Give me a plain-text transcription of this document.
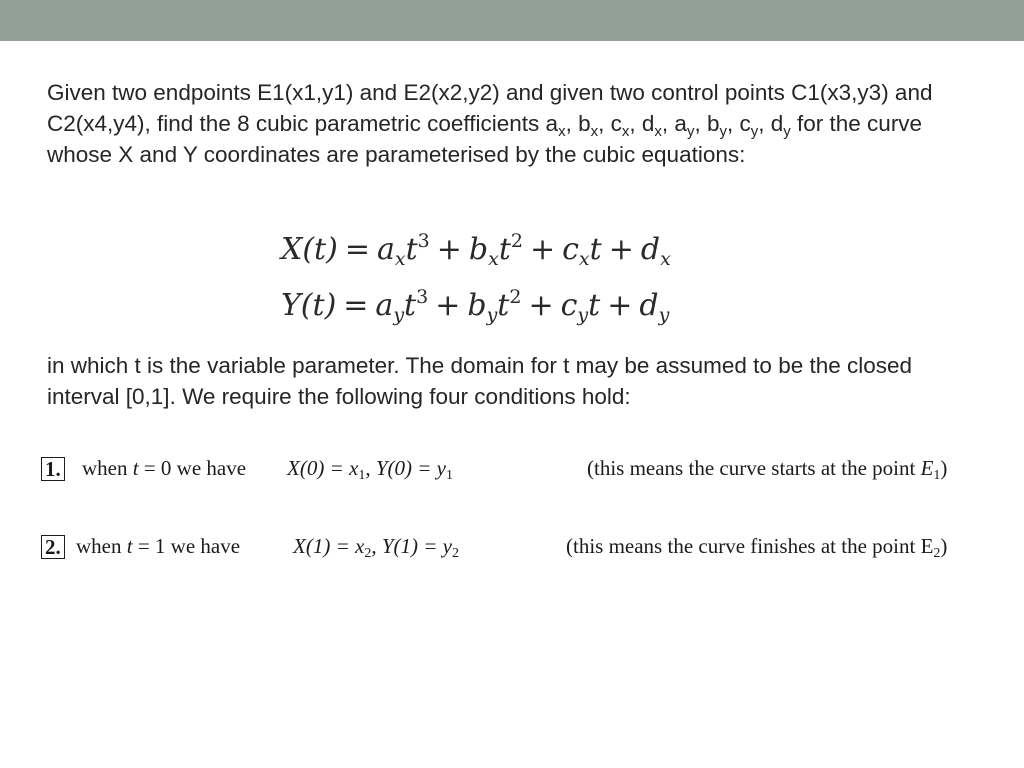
Given two endpoints E1(x1,y1) and E2(x2,y2) and given two control points C1(x3,y3) and C2(x4,y4), find the 8 cubic parametric coefficients $a_x$, $b_x$, $c_x$, $d_x$, $a_y$, $b_y$, $c_y$, $d_y$ for the curve whose X and Y coordinates are parameterised by the cubic equations:

$X(t) = a_xt^3 + b_xt^2 + c_xt + d_x$
$Y(t) = a_yt^3 + b_yt^2 + c_yt + d_y$

in which t is the variable parameter. The domain for t may be assumed to be the closed interval [0,1]. We require the following four conditions hold:

1. when t = 0 we have $X(0) = x_1$, $Y(0) = y_1$	(this means the curve starts at the point $E_1$)
2. when t = 1 we have	$X(1) = x_2$, $Y(1) = y_2$	(this means the curve finishes at the point $E_2$)
